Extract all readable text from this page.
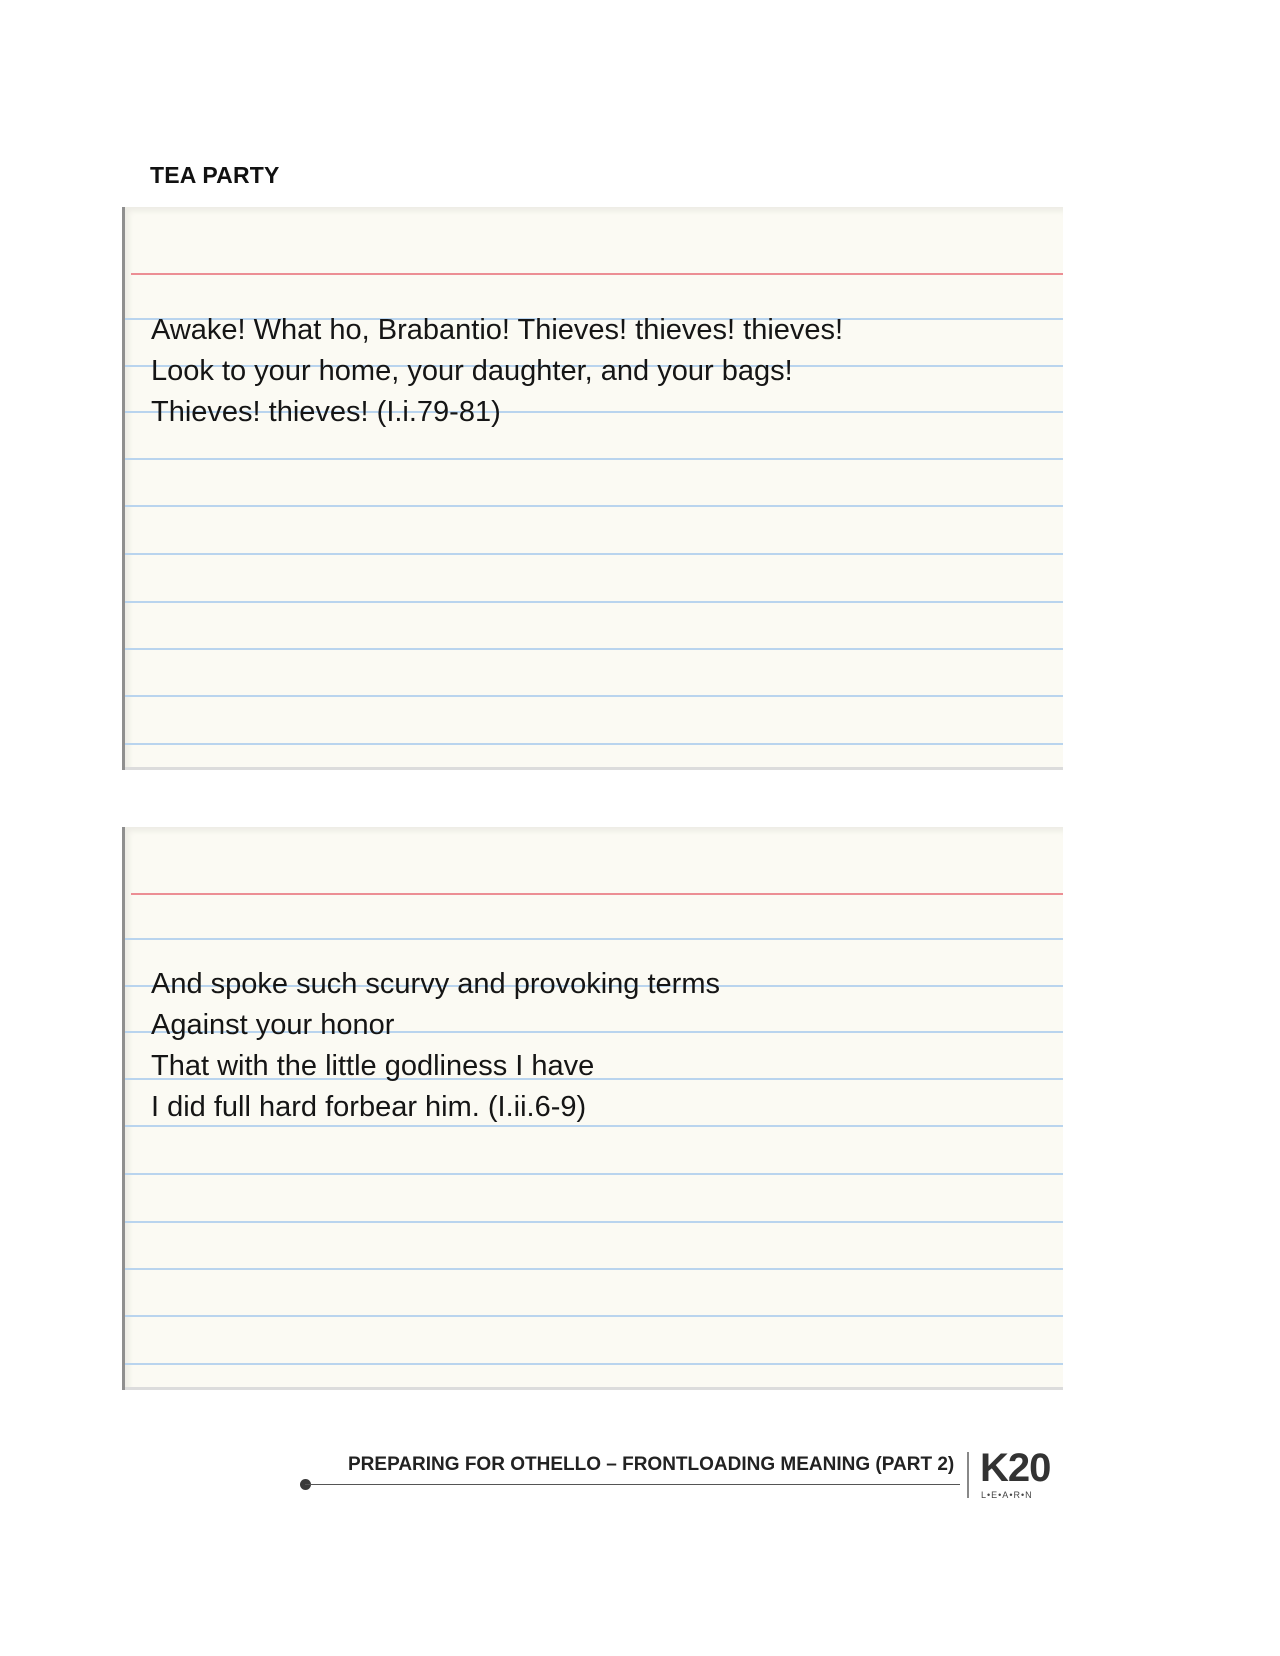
TEA PARTY
Awake! What ho, Brabantio! Thieves! thieves! thieves!
Look to your home, your daughter, and your bags!
Thieves! thieves! (I.i.79-81)
And spoke such scurvy and provoking terms
Against your honor
That with the little godliness I have
I did full hard forbear him. (I.ii.6-9)
PREPARING FOR OTHELLO – FRONTLOADING MEANING (PART 2) K20
L•E•A•R•N
